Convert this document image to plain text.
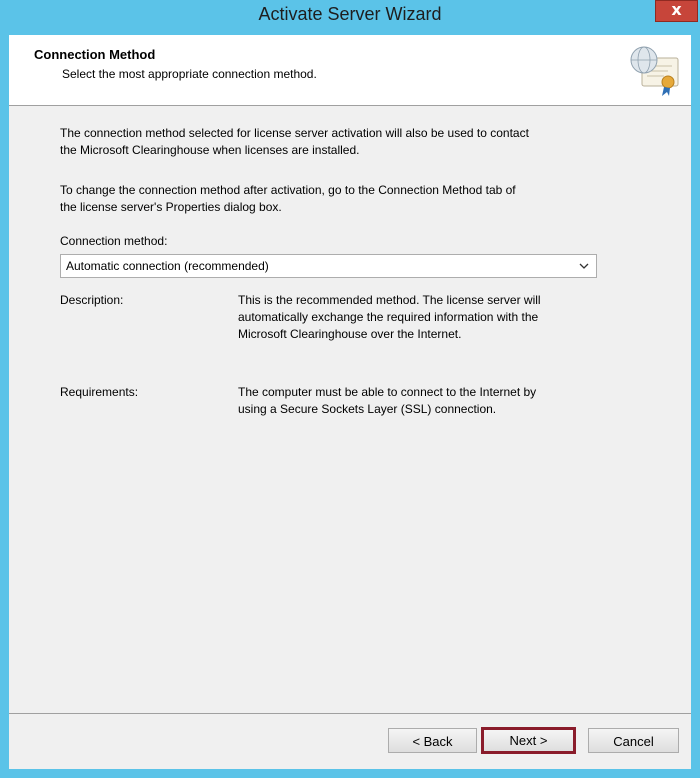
Activate Server Wizard	x
Connection Method
Select the most appropriate connection method.
The connection method selected for license server activation will also be used to contact
the Microsoft Clearinghouse when licenses are installed.
To change the connection method after activation, go to the Connection Method tab of
the license server's Properties dialog box.
Connection method:
Automatic connection (recommended)
Description:	This is the recommended method. The license server will
automatically exchange the required information with the
Microsoft Clearinghouse over the Internet.
Requirements:	The computer must be able to connect to the Internet by
using a Secure Sockets Layer (SSL) connection.
< Back	Next >	Cancel
